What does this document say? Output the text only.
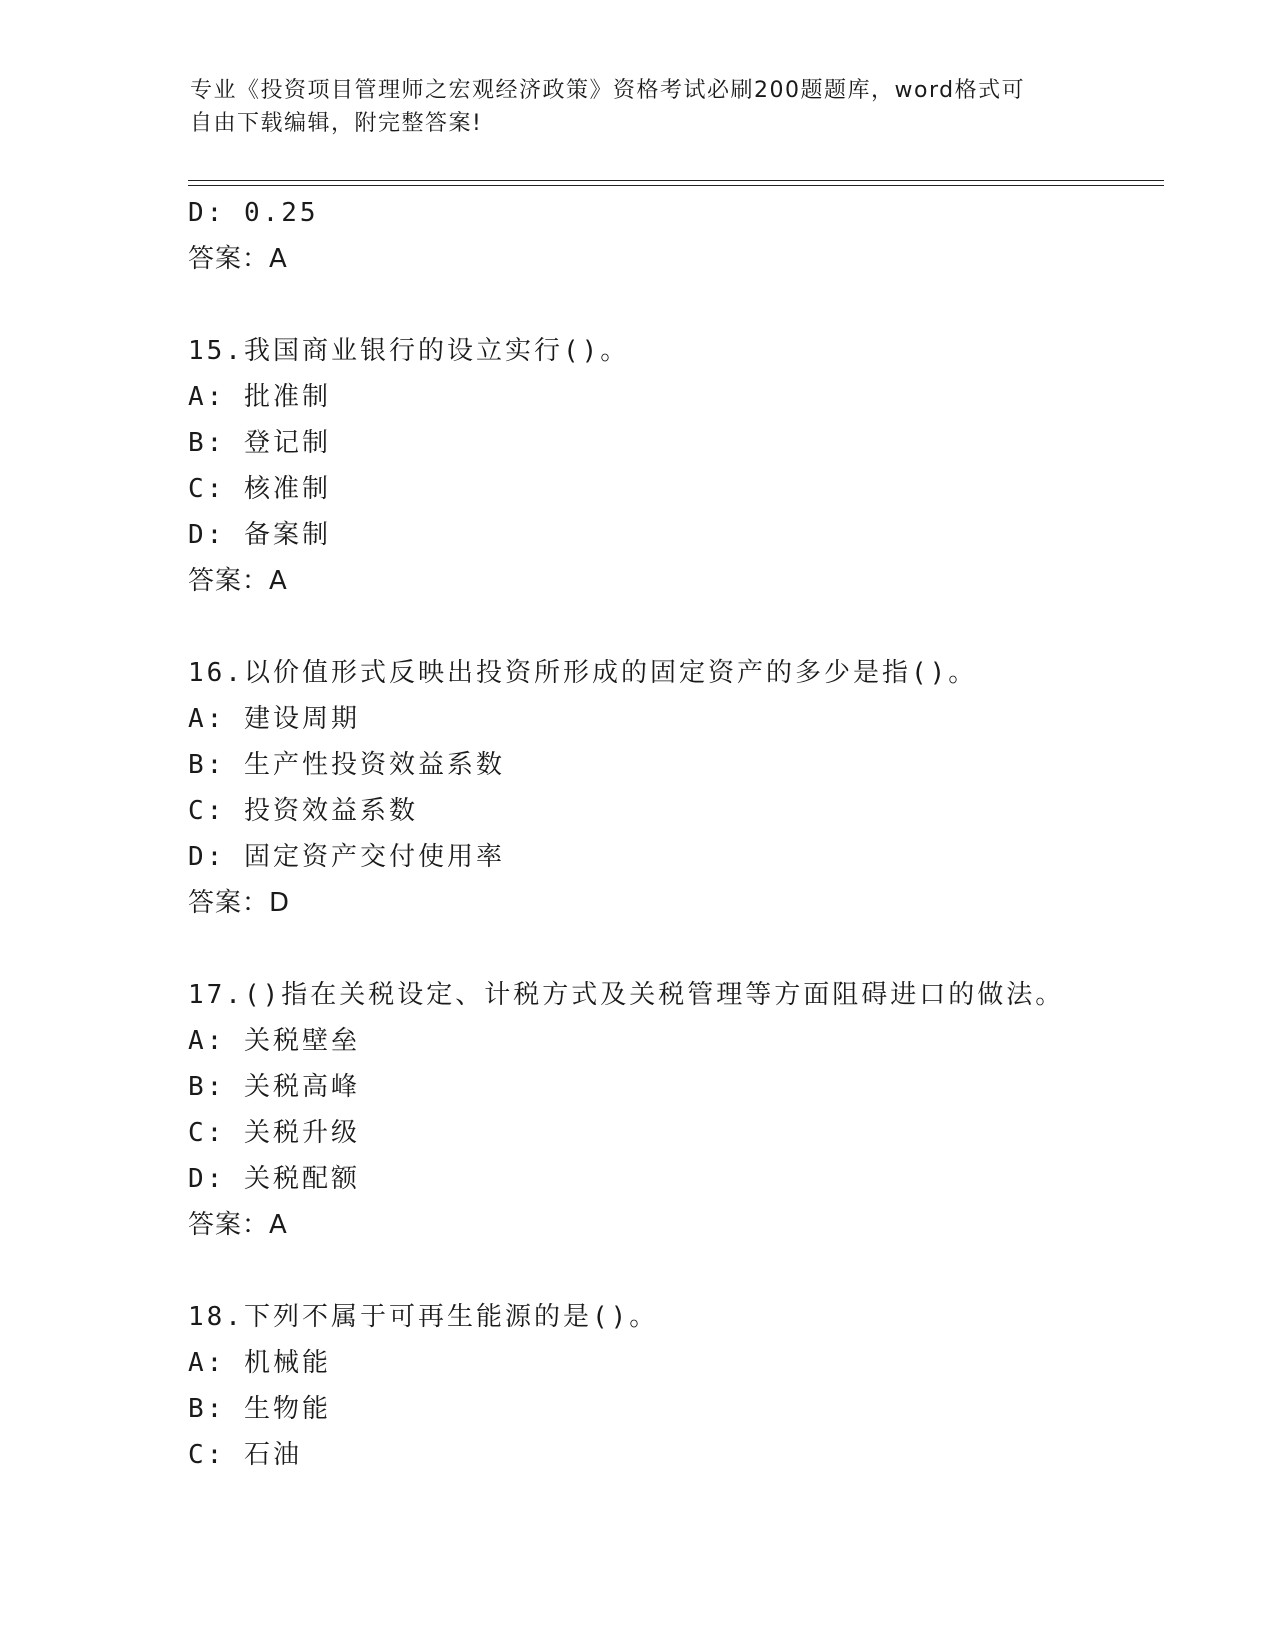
专业《投资项目管理师之宏观经济政策》资格考试必刷200题题库，word格式可
自由下载编辑，附完整答案!
D: 0.25
答案：A
15.我国商业银行的设立实行()。
A: 批准制
B: 登记制
C: 核准制
D: 备案制
答案：A
16.以价值形式反映出投资所形成的固定资产的多少是指()。
A: 建设周期
B: 生产性投资效益系数
C: 投资效益系数
D: 固定资产交付使用率
答案：D
17.()指在关税设定、计税方式及关税管理等方面阻碍进口的做法。
A: 关税壁垒
B: 关税高峰
C: 关税升级
D: 关税配额
答案：A
18.下列不属于可再生能源的是()。
A: 机械能
B: 生物能
C: 石油
